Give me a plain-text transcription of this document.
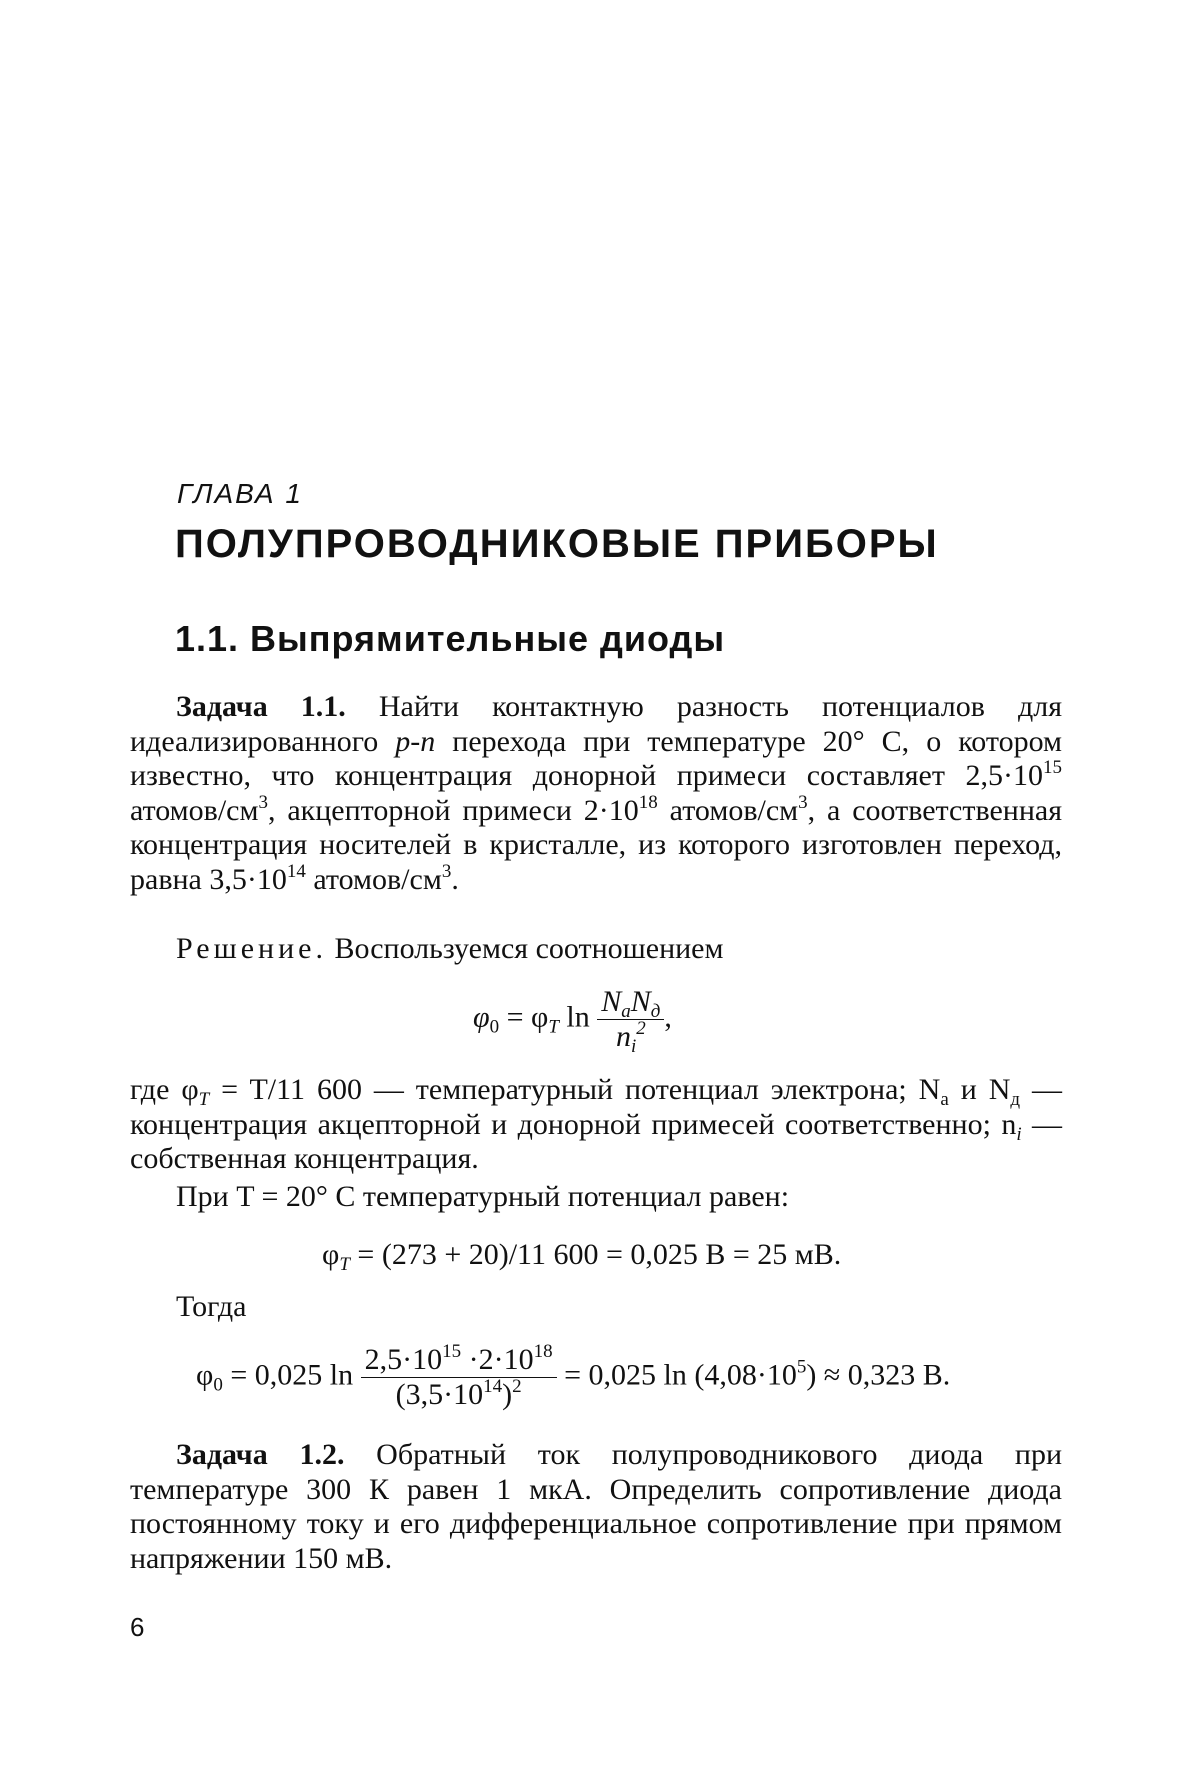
ГЛАВА 1
ПОЛУПРОВОДНИКОВЫЕ ПРИБОРЫ
1.1. Выпрямительные диоды
Задача 1.1. Найти контактную разность потенциалов для идеализированного p-n перехода при температуре 20° С, о котором известно, что концентрация донорной примеси составляет $2,5\cdot 10^{15}$ атомов/$см^3$, акцепторной примеси $2\cdot 10^{18}$ атомов/$см^3$, а соответственная концентрация носителей в кристалле, из которого изготовлен переход, равна $3,5\cdot 10^{14}$ атомов/$см^3$.
Решение. Воспользуемся соотношением
$\varphi_0 = \varphi_T$ $\ln \frac{N_аN_д}{n_i^2}$ ,
где $\varphi_T = T/11$ 600 — температурный потенциал электрона; $N_а$ и $N_д$ — концентрация акцепторной и донорной примесей соответственно; $n_i$ — собственная концентрация.
При T = 20° С температурный потенциал равен:
$\varphi_T = (273 + 20)/11$ 600 = 0,025 В = 25 мВ.
Тогда
$\varphi_0 = 0,025$ $\ln \frac{2,5\cdot 10^{15} \cdot 2\cdot 10^{18}}{(3,5\cdot 10^{14})^2} = 0,025$ $\ln (4,08\cdot 10^5) \approx 0,323$ В.
Задача 1.2. Обратный ток полупроводникового диода при температуре 300 К равен 1 мкА. Определить сопротивление диода постоянному току и его дифференциальное сопротивление при прямом напряжении 150 мВ.
6
